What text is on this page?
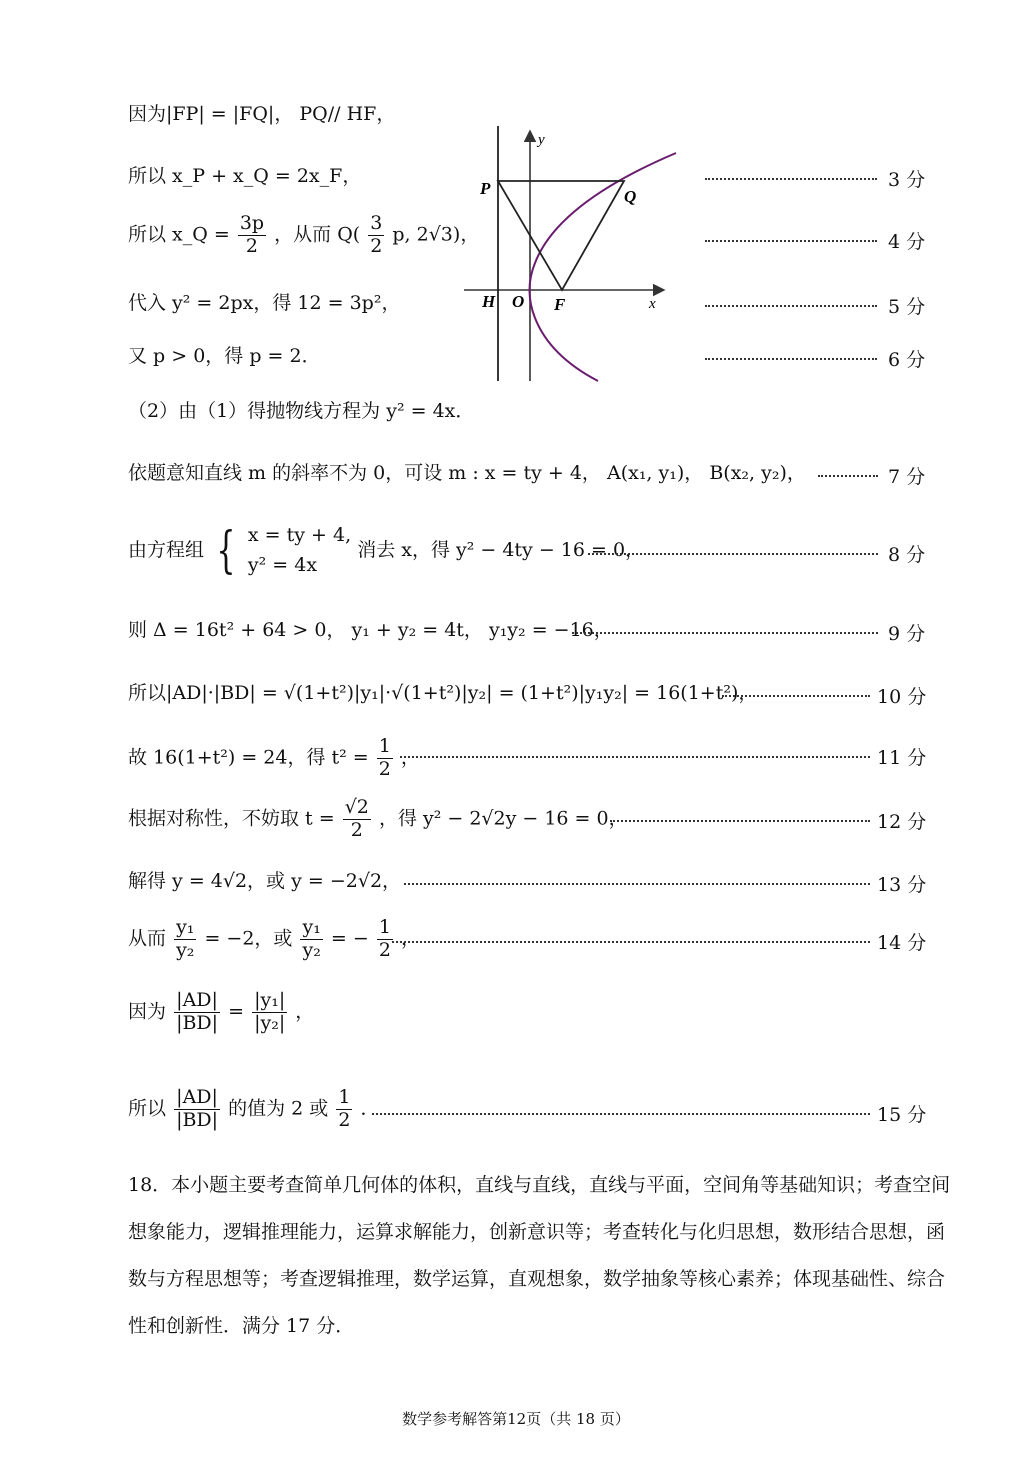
因为|FP| = |FQ|， PQ// HF，
所以 x_P + x_Q = 2x_F，	3 分
所以 x_Q = $\frac{3p}{2}$ ，从而 $Q( \frac{3}{2} p$, 2√3)，	4 分
代入 y² = 2px，得 12 = 3p²，	5 分
又 p > 0，得 p = 2．	6 分
P	Q
H O F	x
y
（2）由（1）得抛物线方程为 y² = 4x．
依题意知直线 m 的斜率不为 0，可设 m : x = ty + 4， A(x₁, y₁)， B(x₂, y₂)，	7 分
由方程组 { x = ty + 4,
y² = 4x
消去 x，得 y² − 4ty − 16 = 0，	8 分
则 Δ = 16t² + 64 > 0， y₁ + y₂ = 4t， y₁y₂ = −16，	9 分
所以|AD|·|BD| = √(1+t²)|y₁|·√(1+t²)|y₂| = (1+t²)|y₁y₂| = 16(1+t²)，	10 分
故 16(1+t²) = 24，得 $t^2 = \frac{1}{2}$ ，	11 分
根据对称性，不妨取 $t = \frac{√2}{2}$ ，得 y² − 2√2y − 16 = 0，	12 分
解得 y = 4√2，或 y = −2√2，	13 分
从而 $\frac{\text{y₁}}{\text{y₂}} = -2$，或 $\frac{\text{y₁}}{\text{y₂}}$ = − $\frac{1}{2}$ ，	14 分
因为 $\frac{|AD|}{|BD|} = \frac{\text{|y₁|}}{\text{|y₂|}}$ ，
所以 $\frac{|AD|}{|BD|}$ 的值为 2 或 $\frac{1}{2}$ ．	15 分
18．本小题主要考查简单几何体的体积，直线与直线，直线与平面，空间角等基础知识；考查空间想象能力，逻辑推理能力，运算求解能力，创新意识等；考查转化与化归思想，数形结合思想，函数与方程思想等；考查逻辑推理，数学运算，直观想象，数学抽象等核心素养；体现基础性、综合性和创新性．满分 17 分．
数学参考解答第12页（共 18 页）
